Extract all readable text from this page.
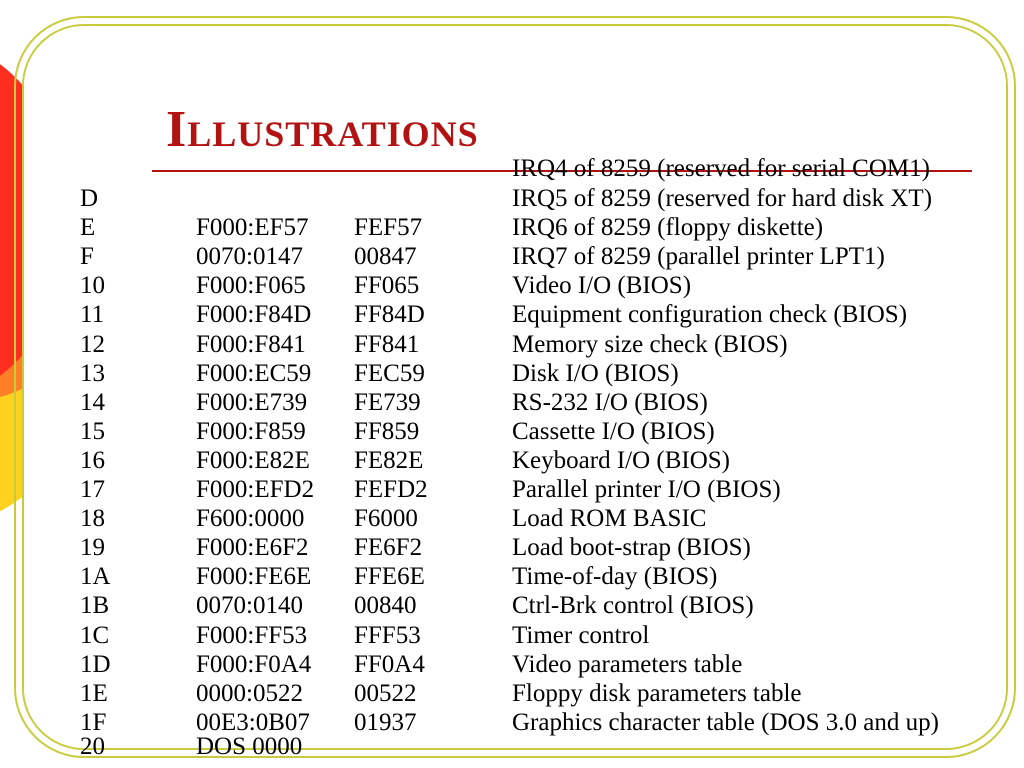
Illustrations
IRQ4 of 8259 (reserved for serial COM1)
D	IRQ5 of 8259 (reserved for hard disk XT)
E	F000:EF57 FEF57	IRQ6 of 8259 (floppy diskette)
F	0070:0147 00847	IRQ7 of 8259 (parallel printer LPT1)
10	F000:F065 FF065	Video I/O (BIOS)
11	F000:F84D FF84D	Equipment configuration check (BIOS)
12	F000:F841 FF841	Memory size check (BIOS)
13	F000:EC59 FEC59	Disk I/O (BIOS)
14	F000:E739 FE739	RS-232 I/O (BIOS)
15	F000:F859 FF859	Cassette I/O (BIOS)
16	F000:E82E FE82E	Keyboard I/O (BIOS)
17	F000:EFD2 FEFD2	Parallel printer I/O (BIOS)
18	F600:0000 F6000	Load ROM BASIC
19	F000:E6F2 FE6F2	Load boot-strap (BIOS)
1A	F000:FE6E FFE6E	Time-of-day (BIOS)
1B	0070:0140 00840	Ctrl-Brk control (BIOS)
1C	F000:FF53 FFF53	Timer control
1D	F000:F0A4 FF0A4	Video parameters table
1E	0000:0522 00522	Floppy disk parameters table
1F	00E3:0B07 01937	Graphics character table (DOS 3.0 and up)
20	DOS 0000
